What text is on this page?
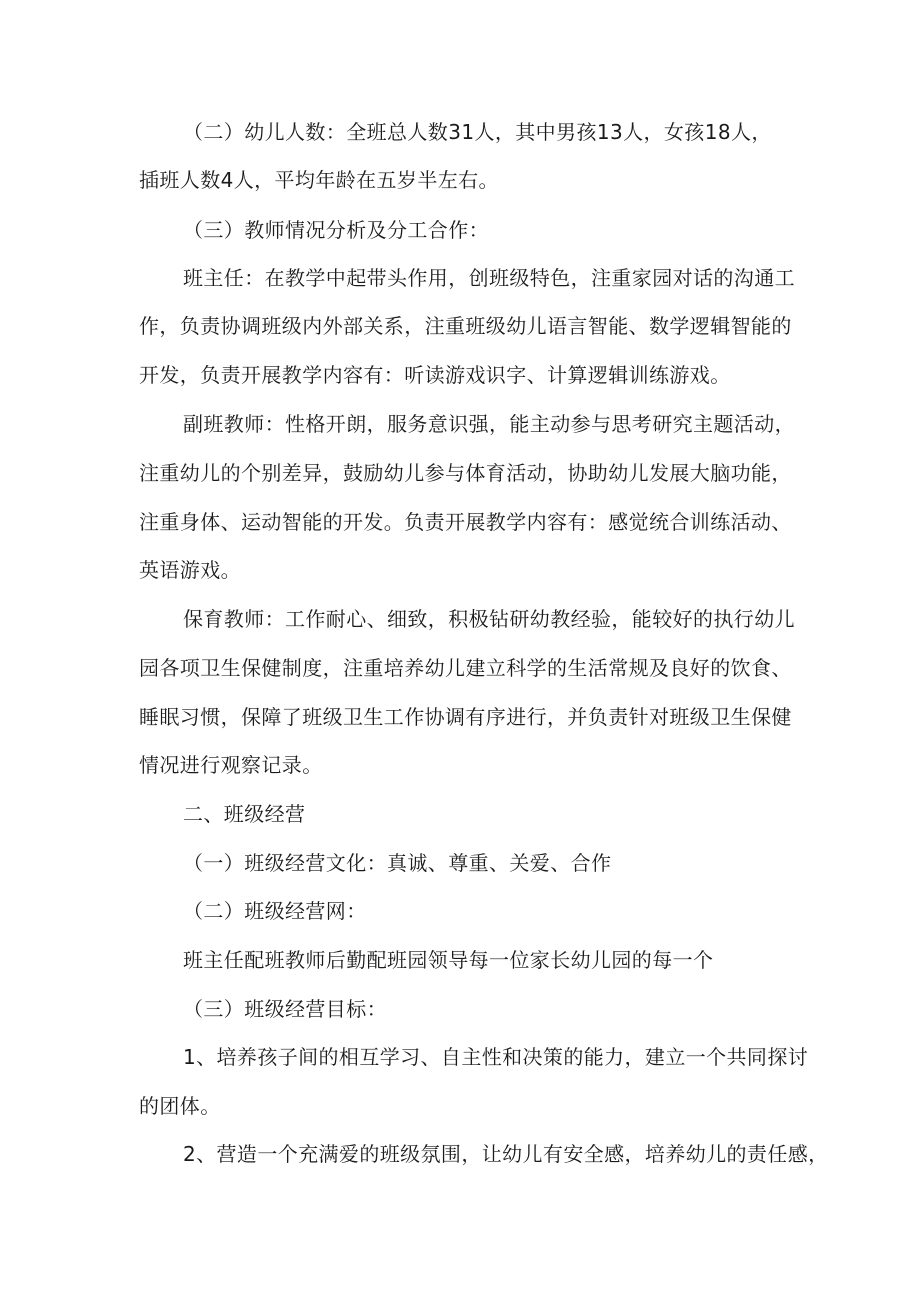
（二）幼儿人数：全班总人数31人，其中男孩13人，女孩18人，
插班人数4人，平均年龄在五岁半左右。
（三）教师情况分析及分工合作：
班主任：在教学中起带头作用，创班级特色，注重家园对话的沟通工
作，负责协调班级内外部关系，注重班级幼儿语言智能、数学逻辑智能的
开发，负责开展教学内容有：听读游戏识字、计算逻辑训练游戏。
副班教师：性格开朗，服务意识强，能主动参与思考研究主题活动，
注重幼儿的个别差异，鼓励幼儿参与体育活动，协助幼儿发展大脑功能，
注重身体、运动智能的开发。负责开展教学内容有：感觉统合训练活动、
英语游戏。
保育教师：工作耐心、细致，积极钻研幼教经验，能较好的执行幼儿
园各项卫生保健制度，注重培养幼儿建立科学的生活常规及良好的饮食、
睡眠习惯，保障了班级卫生工作协调有序进行，并负责针对班级卫生保健
情况进行观察记录。
二、班级经营
（一）班级经营文化：真诚、尊重、关爱、合作
（二）班级经营网：
班主任配班教师后勤配班园领导每一位家长幼儿园的每一个
（三）班级经营目标：
1、培养孩子间的相互学习、自主性和决策的能力，建立一个共同探讨
的团体。
2、营造一个充满爱的班级氛围，让幼儿有安全感，培养幼儿的责任感，
